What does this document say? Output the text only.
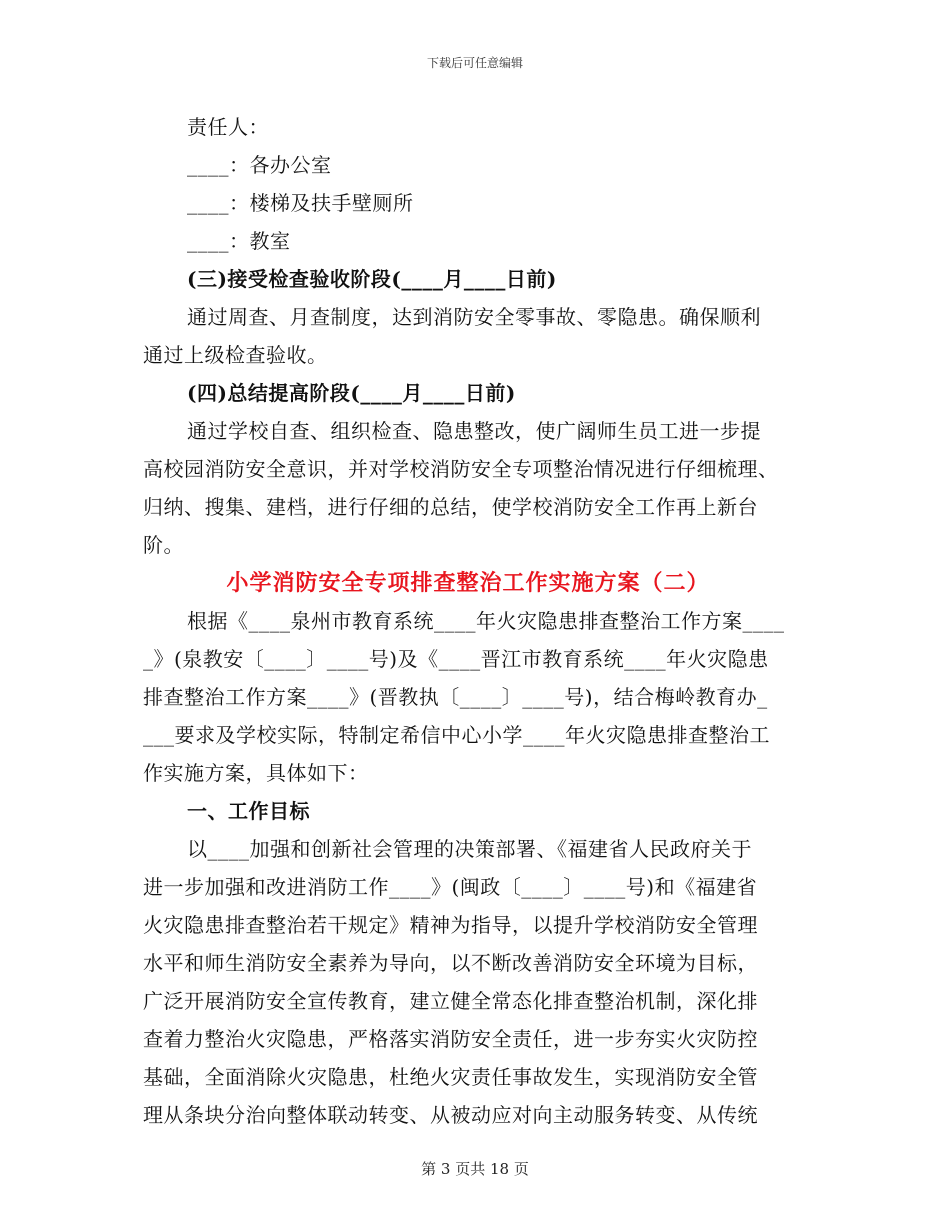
下载后可任意编辑
责任人：
____：各办公室
____：楼梯及扶手壁厕所
____：教室
(三)接受检查验收阶段(____月____日前)
通过周查、月查制度，达到消防安全零事故、零隐患。确保顺利
通过上级检查验收。
(四)总结提高阶段(____月____日前)
通过学校自查、组织检查、隐患整改，使广阔师生员工进一步提
高校园消防安全意识，并对学校消防安全专项整治情况进行仔细梳理、
归纳、搜集、建档，进行仔细的总结，使学校消防安全工作再上新台
阶。
小学消防安全专项排查整治工作实施方案（二）
根据《____泉州市教育系统____年火灾隐患排查整治工作方案____
_》(泉教安〔____〕____号)及《____晋江市教育系统____年火灾隐患
排查整治工作方案____》(晋教执〔____〕____号)，结合梅岭教育办_
___要求及学校实际，特制定希信中心小学____年火灾隐患排查整治工
作实施方案，具体如下：
一、工作目标
以____加强和创新社会管理的决策部署、《福建省人民政府关于
进一步加强和改进消防工作____》(闽政〔____〕____号)和《福建省
火灾隐患排查整治若干规定》精神为指导，以提升学校消防安全管理
水平和师生消防安全素养为导向，以不断改善消防安全环境为目标，
广泛开展消防安全宣传教育，建立健全常态化排查整治机制，深化排
查着力整治火灾隐患，严格落实消防安全责任，进一步夯实火灾防控
基础，全面消除火灾隐患，杜绝火灾责任事故发生，实现消防安全管
理从条块分治向整体联动转变、从被动应对向主动服务转变、从传统
第 3 页共 18 页
